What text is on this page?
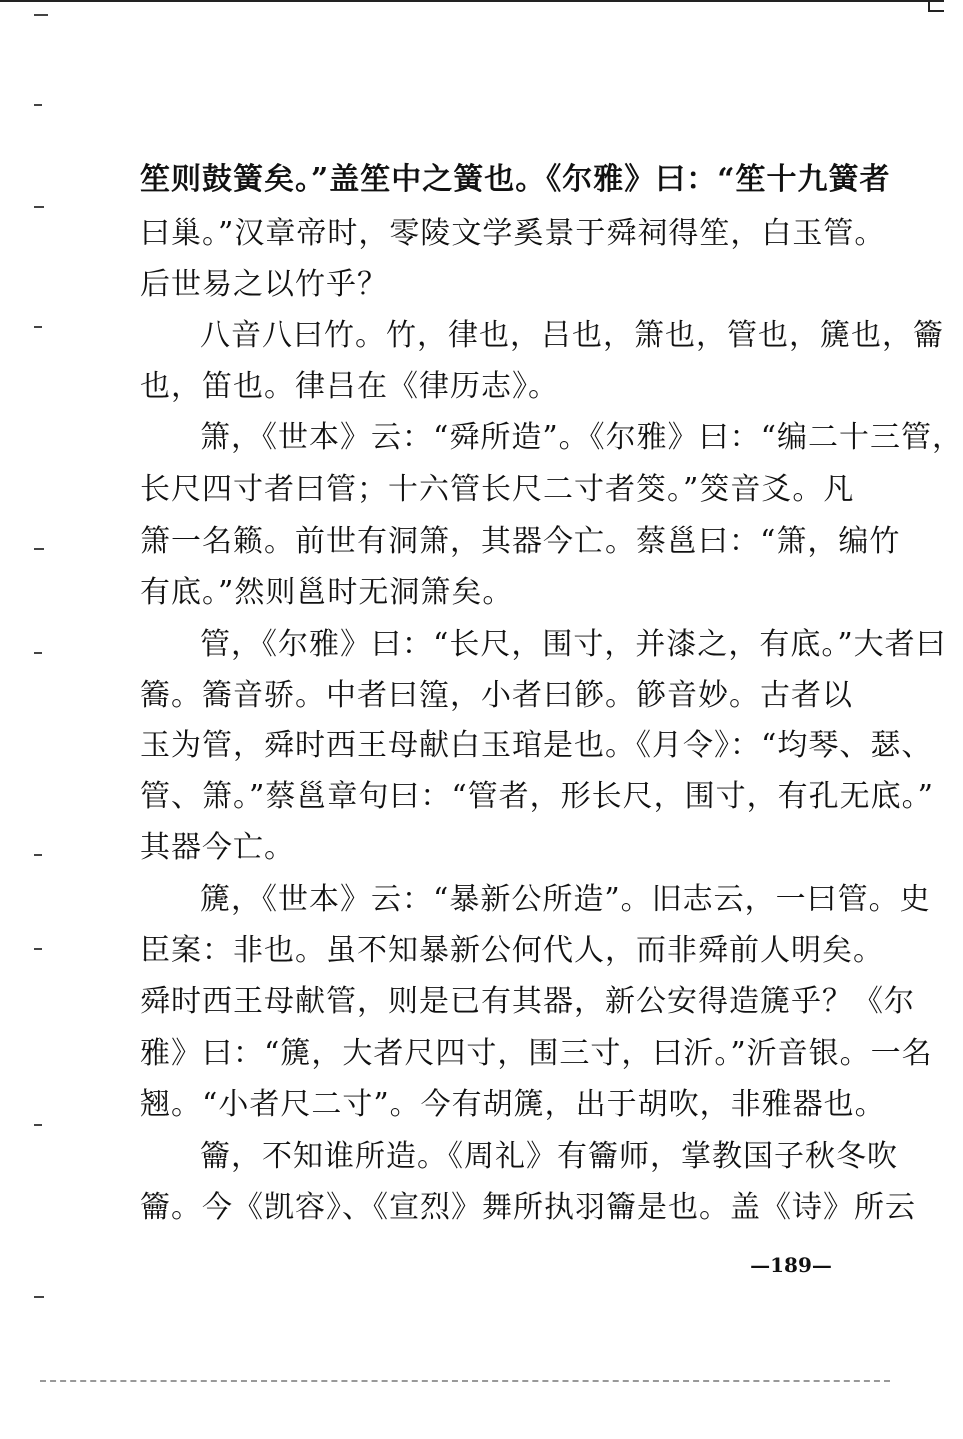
笙则鼓簧矣。”盖笙中之簧也。《尔雅》曰：“笙十九簧者
曰巢。”汉章帝时，零陵文学奚景于舜祠得笙，白玉管。
后世易之以竹乎？
八音八曰竹。竹，律也，吕也，箫也，管也，篪也，籥
也，笛也。律吕在《律历志》。
箫，《世本》云：“舜所造”。《尔雅》曰：“编二十三管，
长尺四寸者曰管；十六管长尺二寸者筊。”筊音爻。凡
箫一名籁。前世有洞箫，其器今亡。蔡邕曰：“箫，编竹
有底。”然则邕时无洞箫矣。
管，《尔雅》曰：“长尺，围寸，并漆之，有底。”大者曰
簥。簥音骄。中者曰篞，小者曰篎。篎音妙。古者以
玉为管，舜时西王母献白玉琯是也。《月令》：“均琴、瑟、
管、箫。”蔡邕章句曰：“管者，形长尺，围寸，有孔无底。”
其器今亡。
篪，《世本》云：“暴新公所造”。旧志云，一曰管。史
臣案：非也。虽不知暴新公何代人，而非舜前人明矣。
舜时西王母献管，则是已有其器，新公安得造篪乎？《尔
雅》曰：“篪，大者尺四寸，围三寸，曰沂。”沂音银。一名
翘。“小者尺二寸”。今有胡篪，出于胡吹，非雅器也。
籥，不知谁所造。《周礼》有籥师，掌教国子秋冬吹
籥。今《凯容》、《宣烈》舞所执羽籥是也。盖《诗》所云
—189—
